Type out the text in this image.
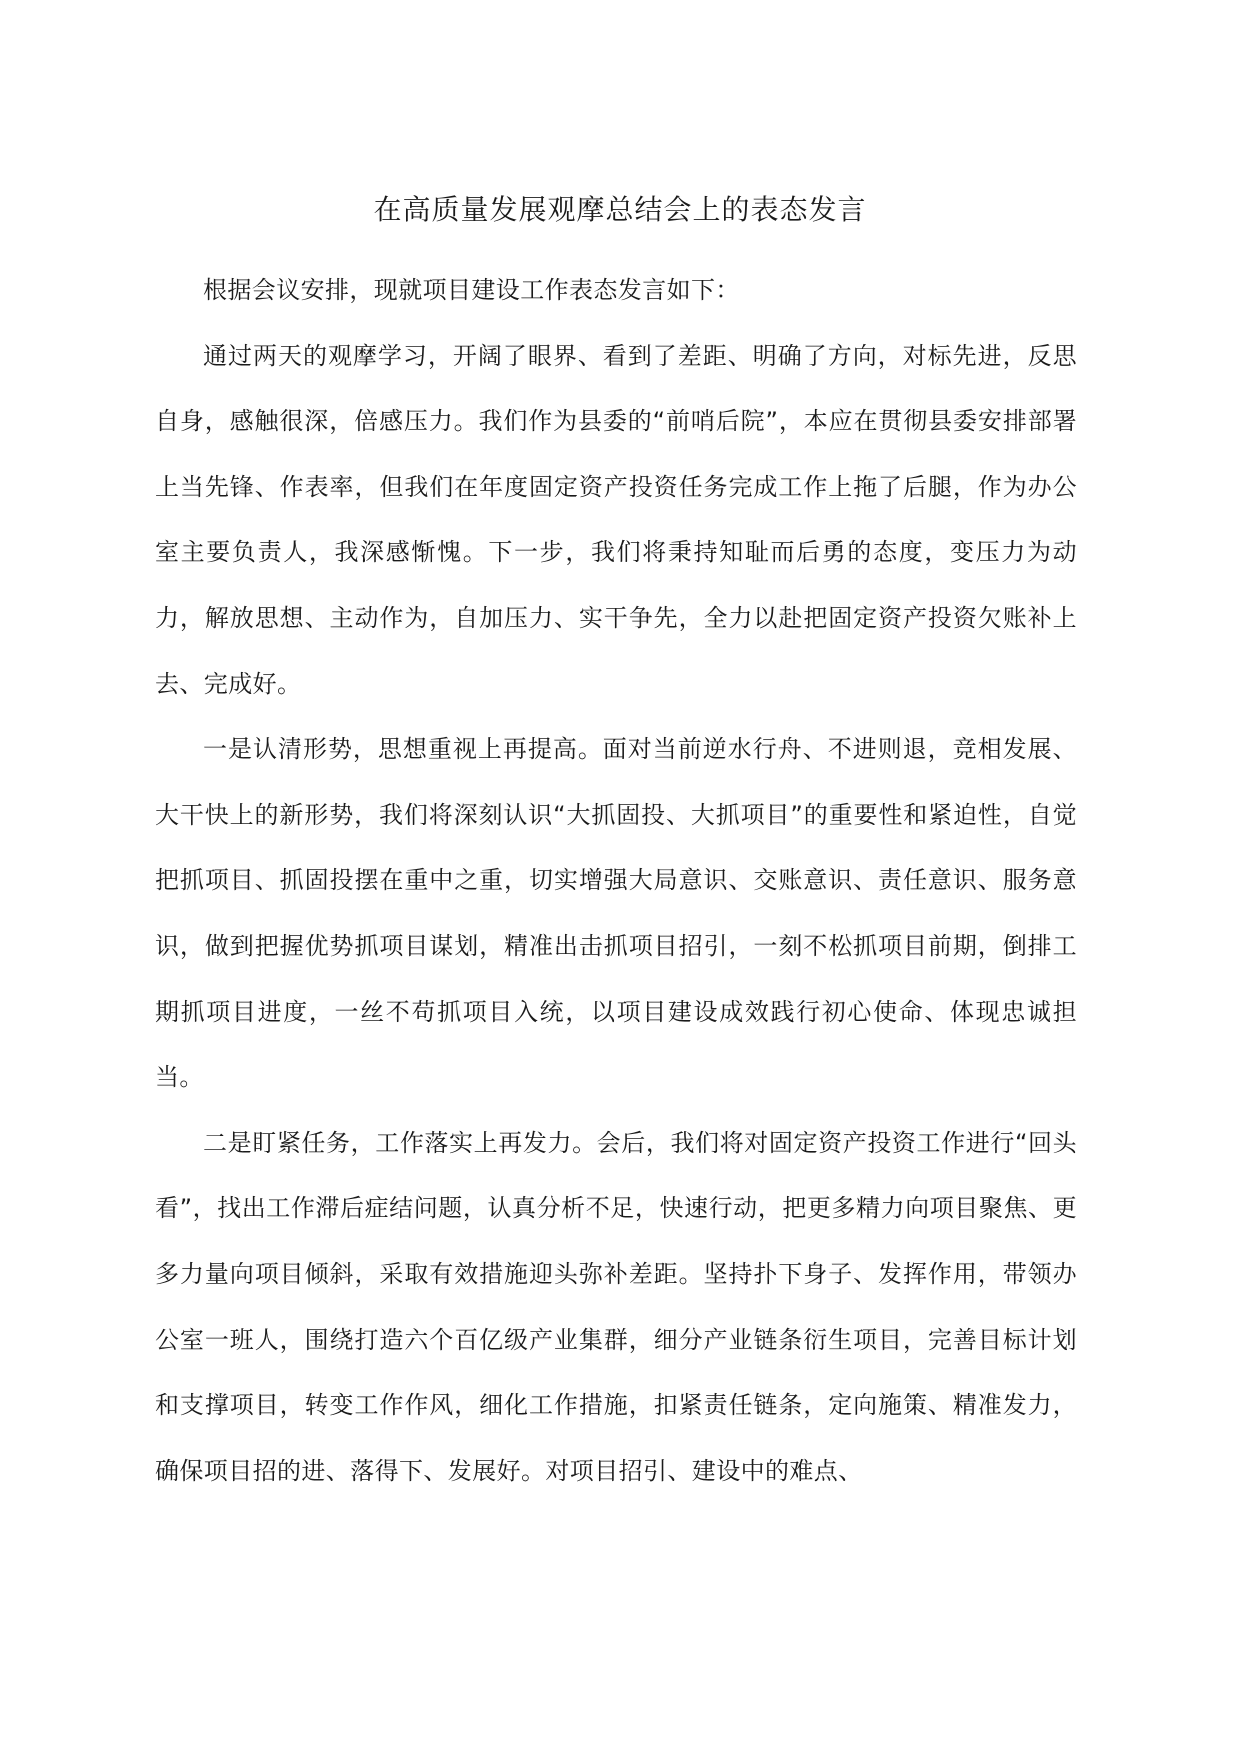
在高质量发展观摩总结会上的表态发言

根据会议安排，现就项目建设工作表态发言如下：

通过两天的观摩学习，开阔了眼界、看到了差距、明确了方向，对标先进，反思自身，感触很深，倍感压力。我们作为县委的“前哨后院”，本应在贯彻县委安排部署上当先锋、作表率，但我们在年度固定资产投资任务完成工作上拖了后腿，作为办公室主要负责人，我深感惭愧。下一步，我们将秉持知耻而后勇的态度，变压力为动力，解放思想、主动作为，自加压力、实干争先，全力以赴把固定资产投资欠账补上去、完成好。

一是认清形势，思想重视上再提高。面对当前逆水行舟、不进则退，竞相发展、大干快上的新形势，我们将深刻认识“大抓固投、大抓项目”的重要性和紧迫性，自觉把抓项目、抓固投摆在重中之重，切实增强大局意识、交账意识、责任意识、服务意识，做到把握优势抓项目谋划，精准出击抓项目招引，一刻不松抓项目前期，倒排工期抓项目进度，一丝不苟抓项目入统，以项目建设成效践行初心使命、体现忠诚担当。

二是盯紧任务，工作落实上再发力。会后，我们将对固定资产投资工作进行“回头看”，找出工作滞后症结问题，认真分析不足，快速行动，把更多精力向项目聚焦、更多力量向项目倾斜，采取有效措施迎头弥补差距。坚持扑下身子、发挥作用，带领办公室一班人，围绕打造六个百亿级产业集群，细分产业链条衍生项目，完善目标计划和支撑项目，转变工作作风，细化工作措施，扣紧责任链条，定向施策、精准发力，确保项目招的进、落得下、发展好。对项目招引、建设中的难点、
